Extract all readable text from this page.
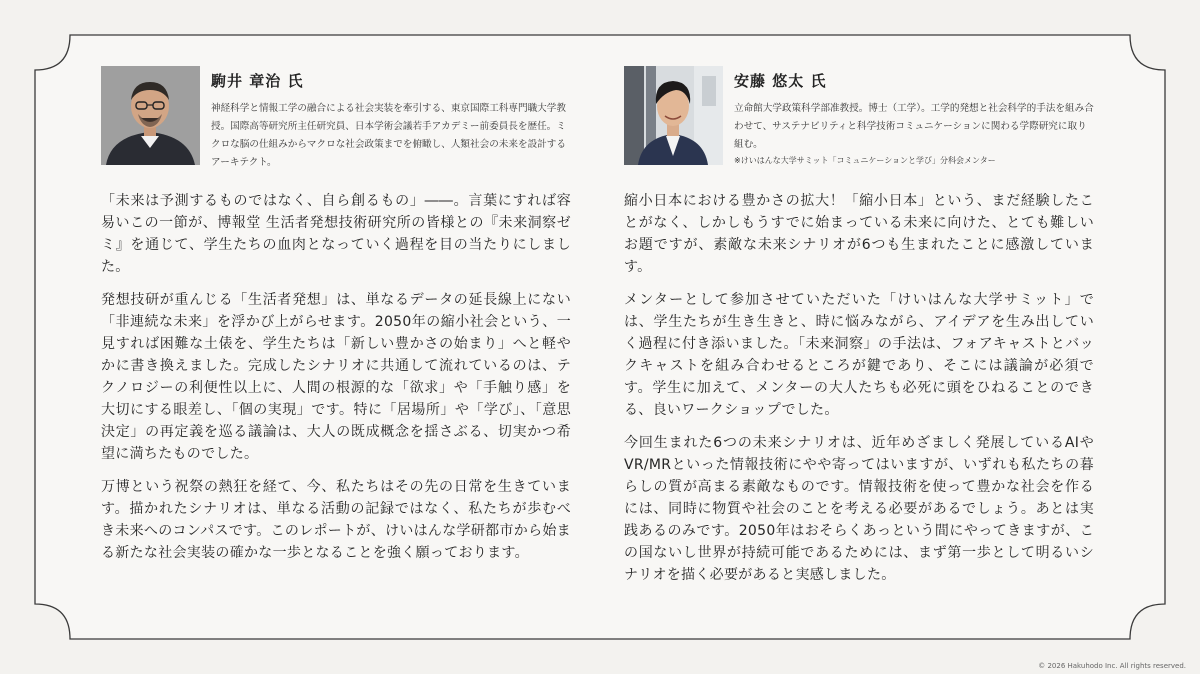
駒井 章治 氏

神経科学と情報工学の融合による社会実装を牽引する、東京国際工科専門職大学教授。国際高等研究所主任研究員、日本学術会議若手アカデミー前委員長を歴任。ミクロな脳の仕組みからマクロな社会政策までを俯瞰し、人類社会の未来を設計するアーキテクト。

「未来は予測するものではなく、自ら創るもの」――。言葉にすれば容易いこの一節が、博報堂 生活者発想技術研究所の皆様との『未来洞察ゼミ』を通じて、学生たちの血肉となっていく過程を目の当たりにしました。

発想技研が重んじる「生活者発想」は、単なるデータの延長線上にない「非連続な未来」を浮かび上がらせます。2050年の縮小社会という、一見すれば困難な土俵を、学生たちは「新しい豊かさの始まり」へと軽やかに書き換えました。完成したシナリオに共通して流れているのは、テクノロジーの利便性以上に、人間の根源的な「欲求」や「手触り感」を大切にする眼差し、「個の実現」です。特に「居場所」や「学び」、「意思決定」の再定義を巡る議論は、大人の既成概念を揺さぶる、切実かつ希望に満ちたものでした。

万博という祝祭の熱狂を経て、今、私たちはその先の日常を生きています。描かれたシナリオは、単なる活動の記録ではなく、私たちが歩むべき未来へのコンパスです。このレポートが、けいはんな学研都市から始まる新たな社会実装の確かな一歩となることを強く願っております。

安藤 悠太 氏

立命館大学政策科学部准教授。博士（工学）。工学的発想と社会科学的手法を組み合わせて、サステナビリティと科学技術コミュニケーションに関わる学際研究に取り組む。

※けいはんな大学サミット「コミュニケーションと学び」分科会メンター

縮小日本における豊かさの拡大！「縮小日本」という、まだ経験したことがなく、しかしもうすでに始まっている未来に向けた、とても難しいお題ですが、素敵な未来シナリオが6つも生まれたことに感激しています。

メンターとして参加させていただいた「けいはんな大学サミット」では、学生たちが生き生きと、時に悩みながら、アイデアを生み出していく過程に付き添いました。「未来洞察」の手法は、フォアキャストとバックキャストを組み合わせるところが鍵であり、そこには議論が必須です。学生に加えて、メンターの大人たちも必死に頭をひねることのできる、良いワークショップでした。

今回生まれた6つの未来シナリオは、近年めざましく発展しているAIやVR/MRといった情報技術にやや寄ってはいますが、いずれも私たちの暮らしの質が高まる素敵なものです。情報技術を使って豊かな社会を作るには、同時に物質や社会のことを考える必要があるでしょう。あとは実践あるのみです。2050年はおそらくあっという間にやってきますが、この国ないし世界が持続可能であるためには、まず第一歩として明るいシナリオを描く必要があると実感しました。

© 2026 Hakuhodo Inc. All rights reserved.
